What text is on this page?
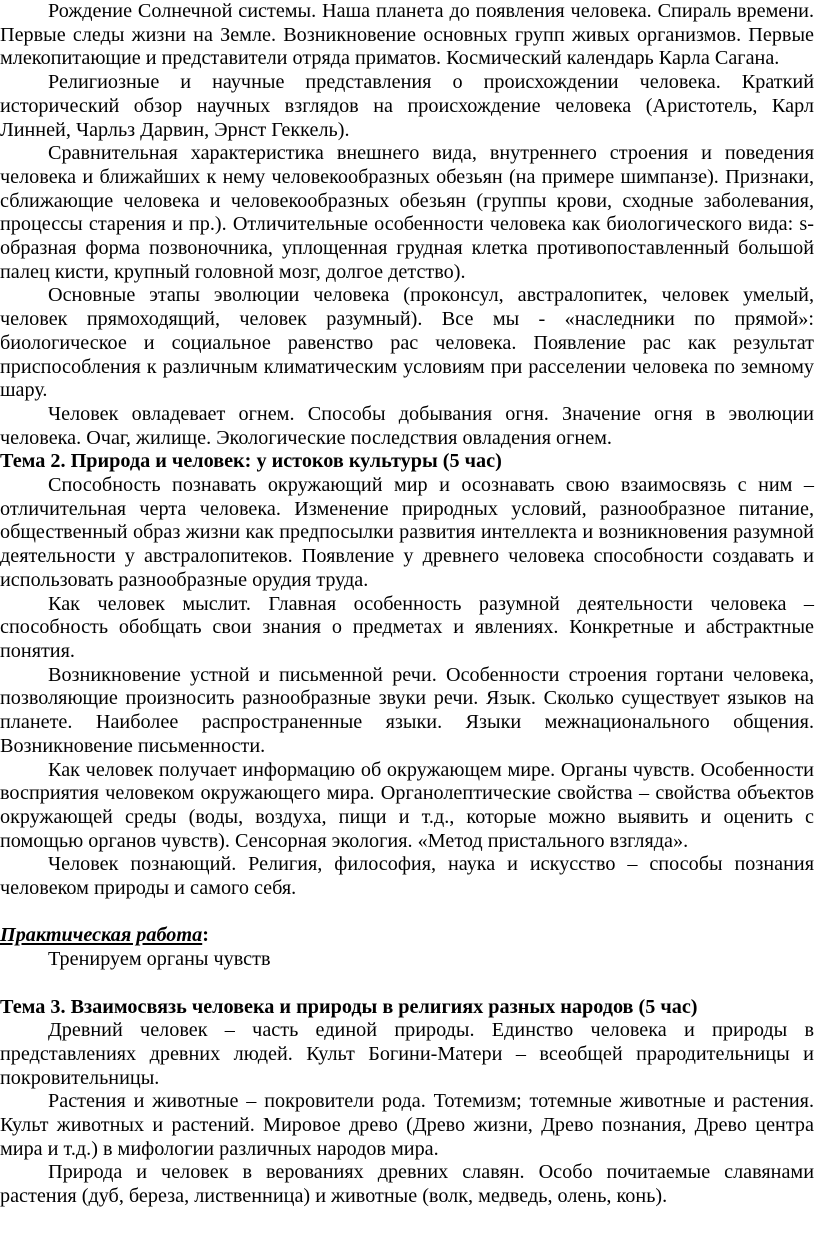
Рождение Солнечной системы. Наша планета до появления человека. Спираль времени. Первые следы жизни на Земле. Возникновение основных групп живых организмов. Первые млекопитающие и представители отряда приматов. Космический календарь Карла Сагана.

Религиозные и научные представления о происхождении человека. Краткий исторический обзор научных взглядов на происхождение человека (Аристотель, Карл Линней, Чарльз Дарвин, Эрнст Геккель).

Сравнительная характеристика внешнего вида, внутреннего строения и поведения человека и ближайших к нему человекообразных обезьян (на примере шимпанзе). Признаки, сближающие человека и человекообразных обезьян (группы крови, сходные заболевания, процессы старения и пр.). Отличительные особенности человека как биологического вида: s-образная форма позвоночника, уплощенная грудная клетка противопоставленный большой палец кисти, крупный головной мозг, долгое детство).

Основные этапы эволюции человека (проконсул, австралопитек, человек умелый, человек прямоходящий, человек разумный). Все мы - «наследники по прямой»: биологическое и социальное равенство рас человека. Появление рас как результат приспособления к различным климатическим условиям при расселении человека по земному шару.

Человек овладевает огнем. Способы добывания огня. Значение огня в эволюции человека. Очаг, жилище. Экологические последствия овладения огнем.

Тема 2. Природа и человек: у истоков культуры (5 час)

Способность познавать окружающий мир и осознавать свою взаимосвязь с ним – отличительная черта человека. Изменение природных условий, разнообразное питание, общественный образ жизни как предпосылки развития интеллекта и возникновения разумной деятельности у австралопитеков. Появление у древнего человека способности создавать и использовать разнообразные орудия труда.

Как человек мыслит. Главная особенность разумной деятельности человека – способность обобщать свои знания о предметах и явлениях. Конкретные и абстрактные понятия.

Возникновение устной и письменной речи. Особенности строения гортани человека, позволяющие произносить разнообразные звуки речи. Язык. Сколько существует языков на планете. Наиболее распространенные языки. Языки межнационального общения. Возникновение письменности.

Как человек получает информацию об окружающем мире. Органы чувств. Особенности восприятия человеком окружающего мира. Органолептические свойства – свойства объектов окружающей среды (воды, воздуха, пищи и т.д., которые можно выявить и оценить с помощью органов чувств). Сенсорная экология. «Метод пристального взгляда».

Человек познающий. Религия, философия, наука и искусство – способы познания человеком природы и самого себя.

Практическая работа:

Тренируем органы чувств

Тема 3. Взаимосвязь человека и природы в религиях разных народов (5 час)

Древний человек – часть единой природы. Единство человека и природы в представлениях древних людей. Культ Богини-Матери – всеобщей прародительницы и покровительницы.

Растения и животные – покровители рода. Тотемизм; тотемные животные и растения. Культ животных и растений. Мировое древо (Древо жизни, Древо познания, Древо центра мира и т.д.) в мифологии различных народов мира.

Природа и человек в верованиях древних славян. Особо почитаемые славянами растения (дуб, береза, лиственница) и животные (волк, медведь, олень, конь).
